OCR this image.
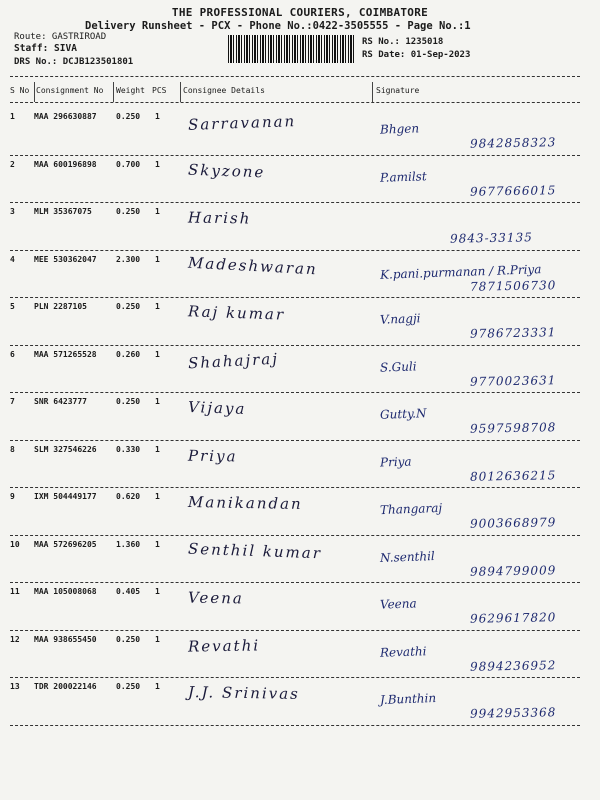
THE PROFESSIONAL COURIERS, COIMBATORE
Delivery Runsheet - PCX - Phone No.:0422-3505555 - Page No.:1
Route: GASTRIROAD
Staff: SIVA
DRS No.: DCJB123501801
RS No.: 1235018
RS Date: 01-Sep-2023
S No Consignment No Weight PCS Consignee Details	Signature
1 MAA 296630887 0.250 1 Sarravanan	Bhgen
9842858323
2 MAA 600196898 0.700 1 Skyzone	P.amilst
9677666015
3 MLM 35367075	0.250 1 Harish
9843-33135
4 MEE 530362047 2.300 1 Madeshwaran	K.pani.purmanan / R.Priya
7871506730
5 PLN 2287105	0.250 1 Raj kumar	V.nagji
9786723331
6 MAA 571265528 0.260 1 Shahajraj	S.Guli
9770023631
7 SNR 6423777	0.250 1 Vijaya	Gutty.N
9597598708
8 SLM 327546226 0.330 1 Priya	Priya
8012636215
9 IXM 504449177 0.620 1 Manikandan	Thangaraj
9003668979
10 MAA 572696205 1.360 1 Senthil kumar	N.senthil
9894799009
11 MAA 105008068 0.405 1 Veena	Veena
9629617820
12 MAA 938655450 0.250 1 Revathi	Revathi
9894236952
13 TDR 200022146 0.250 1 J.J. Srinivas	J.Bunthin
9942953368
